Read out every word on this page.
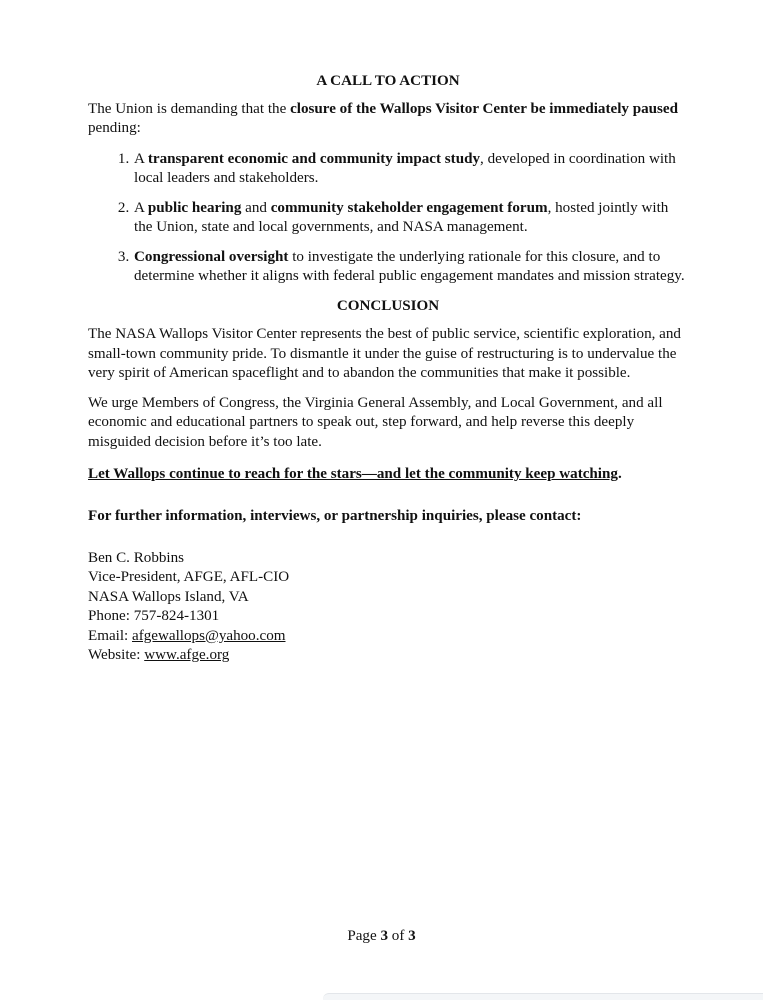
A CALL TO ACTION

The Union is demanding that the closure of the Wallops Visitor Center be immediately paused pending:

1. A transparent economic and community impact study, developed in coordination with local leaders and stakeholders.
2. A public hearing and community stakeholder engagement forum, hosted jointly with the Union, state and local governments, and NASA management.
3. Congressional oversight to investigate the underlying rationale for this closure, and to determine whether it aligns with federal public engagement mandates and mission strategy.

CONCLUSION

The NASA Wallops Visitor Center represents the best of public service, scientific exploration, and small-town community pride. To dismantle it under the guise of restructuring is to undervalue the very spirit of American spaceflight and to abandon the communities that make it possible.

We urge Members of Congress, the Virginia General Assembly, and Local Government, and all economic and educational partners to speak out, step forward, and help reverse this deeply misguided decision before it’s too late.

Let Wallops continue to reach for the stars—and let the community keep watching.

For further information, interviews, or partnership inquiries, please contact:

Ben C. Robbins
Vice-President, AFGE, AFL-CIO
NASA Wallops Island, VA
Phone: 757-824-1301
Email: afgewallops@yahoo.com
Website: www.afge.org
Page 3 of 3
